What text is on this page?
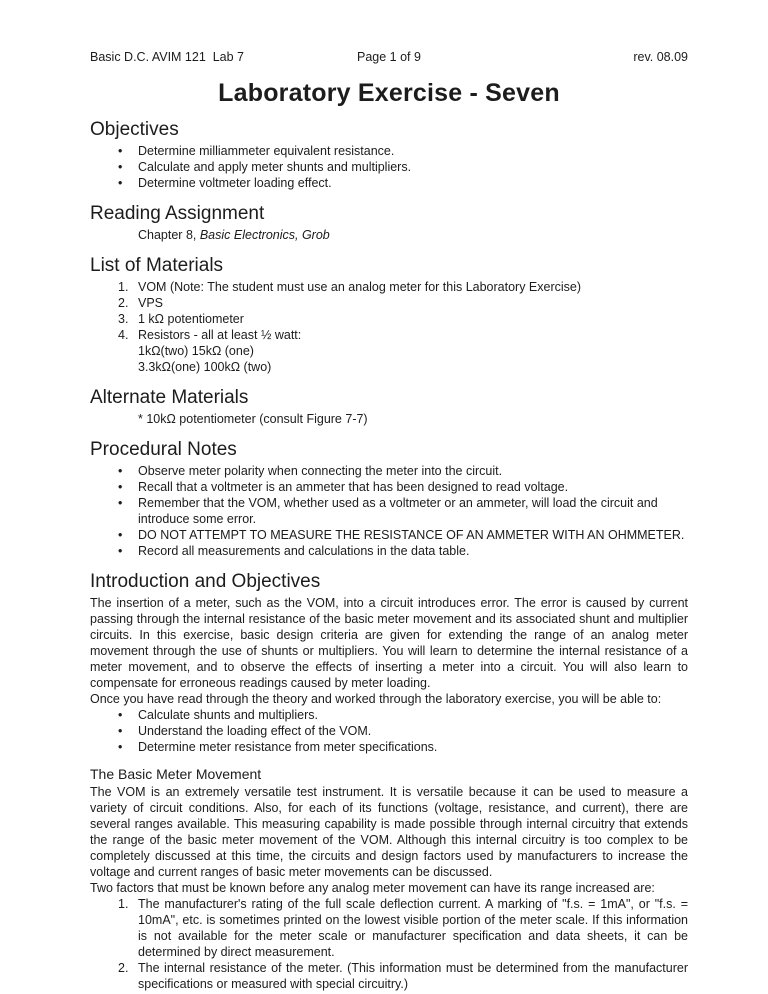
Basic D.C. AVIM 121  Lab 7

	Page 1 of 9

	rev. 08.09

Laboratory Exercise - Seven
Objectives
•
Determine milliammeter equivalent resistance.
•
Calculate and apply meter shunts and multipliers.
•
Determine voltmeter loading effect.
Reading Assignment

Chapter 8, Basic Electronics, Grob

List of Materials
1. VOM (Note: The student must use an analog meter for this Laboratory Exercise)
2. VPS
3. 1 kΩ potentiometer
4. Resistors - all at least ½ watt:
1kΩ(two) 15kΩ (one)
3.3kΩ(one) 100kΩ (two)
Alternate Materials

* 10kΩ potentiometer (consult Figure 7-7)

Procedural Notes
•
Observe meter polarity when connecting the meter into the circuit.
•
Recall that a voltmeter is an ammeter that has been designed to read voltage.
•
Remember that the VOM, whether used as a voltmeter or an ammeter, will load the circuit and introduce some error.
•
DO NOT ATTEMPT TO MEASURE THE RESISTANCE OF AN AMMETER WITH AN OHMMETER.
•
Record all measurements and calculations in the data table.
Introduction and Objectives

The insertion of a meter, such as the VOM, into a circuit introduces error. The error is caused by current passing through the internal resistance of the basic meter movement and its associated shunt and multiplier circuits. In this exercise, basic design criteria are given for extending the range of an analog meter movement through the use of shunts or multipliers. You will learn to determine the internal resistance of a meter movement, and to observe the effects of inserting a meter into a circuit. You will also learn to compensate for erroneous readings caused by meter loading.

Once you have read through the theory and worked through the laboratory exercise, you will be able to:

•
Calculate shunts and multipliers.
•
Understand the loading effect of the VOM.
•
Determine meter resistance from meter specifications.
The Basic Meter Movement

The VOM is an extremely versatile test instrument. It is versatile because it can be used to measure a variety of circuit conditions. Also, for each of its functions (voltage, resistance, and current), there are several ranges available. This measuring capability is made possible through internal circuitry that extends the range of the basic meter movement of the VOM. Although this internal circuitry is too complex to be completely discussed at this time, the circuits and design factors used by manufacturers to increase the voltage and current ranges of basic meter movements can be discussed.

Two factors that must be known before any analog meter movement can have its range increased are:

1. The manufacturer's rating of the full scale deflection current. A marking of "f.s. = 1mA", or "f.s. = 10mA", etc. is sometimes printed on the lowest visible portion of the meter scale. If this information is not available for the meter scale or manufacturer specification and data sheets, it can be determined by direct measurement.
2. The internal resistance of the meter. (This information must be determined from the manufacturer specifications or measured with special circuitry.)
